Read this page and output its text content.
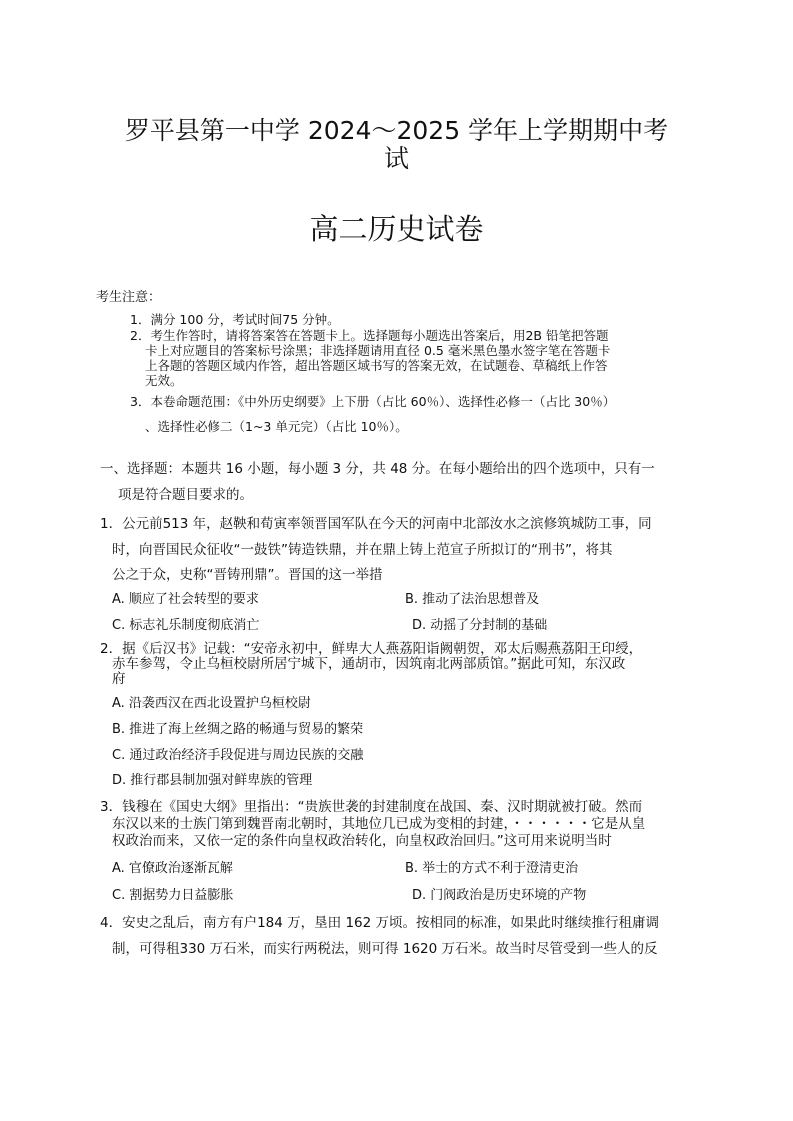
罗平县第一中学 2024～2025 学年上学期期中考
试
高二历史试卷
考生注意：
1．满分 100 分，考试时间75 分钟。
2．考生作答时，请将答案答在答题卡上。选择题每小题选出答案后，用2B 铅笔把答题
卡上对应题目的答案标号涂黑；非选择题请用直径 0.5 毫米黑色墨水签字笔在答题卡
上各题的答题区域内作答，超出答题区域书写的答案无效，在试题卷、草稿纸上作答
无效。
3．本卷命题范围：《中外历史纲要》上下册（占比 60％）、选择性必修一（占比 30％）
、选择性必修二（1~3 单元完）（占比 10％）。
一、选择题：本题共 16 小题，每小题 3 分，共 48 分。在每小题给出的四个选项中，只有一
项是符合题目要求的。
1．公元前513 年，赵鞅和荀寅率领晋国军队在今天的河南中北部汝水之滨修筑城防工事，同
时，向晋国民众征收“一鼓铁”铸造铁鼎，并在鼎上铸上范宣子所拟订的“刑书”，将其
公之于众，史称“晋铸刑鼎”。晋国的这一举措
A. 顺应了社会转型的要求	B. 推动了法治思想普及
C. 标志礼乐制度彻底消亡	D. 动摇了分封制的基础
2．据《后汉书》记载：“安帝永初中，鲜卑大人燕荔阳诣阙朝贺，邓太后赐燕荔阳王印绶，
赤车参驾，令止乌桓校尉所居宁城下，通胡市，因筑南北两部质馆。”据此可知，东汉政
府
A. 沿袭西汉在西北设置护乌桓校尉
B. 推进了海上丝绸之路的畅通与贸易的繁荣
C. 通过政治经济手段促进与周边民族的交融
D. 推行郡县制加强对鲜卑族的管理
3．钱穆在《国史大纲》里指出：“贵族世袭的封建制度在战国、秦、汉时期就被打破。然而
东汉以来的士族门第到魏晋南北朝时，其地位几已成为变相的封建，・・・・・・它是从皇
权政治而来，又依一定的条件向皇权政治转化，向皇权政治回归。”这可用来说明当时
A. 官僚政治逐渐瓦解	B. 举士的方式不利于澄清吏治
C. 割据势力日益膨胀	D. 门阀政治是历史环境的产物
4．安史之乱后，南方有户184 万，垦田 162 万顷。按相同的标准，如果此时继续推行租庸调
制，可得租330 万石米，而实行两税法，则可得 1620 万石米。故当时尽管受到一些人的反
